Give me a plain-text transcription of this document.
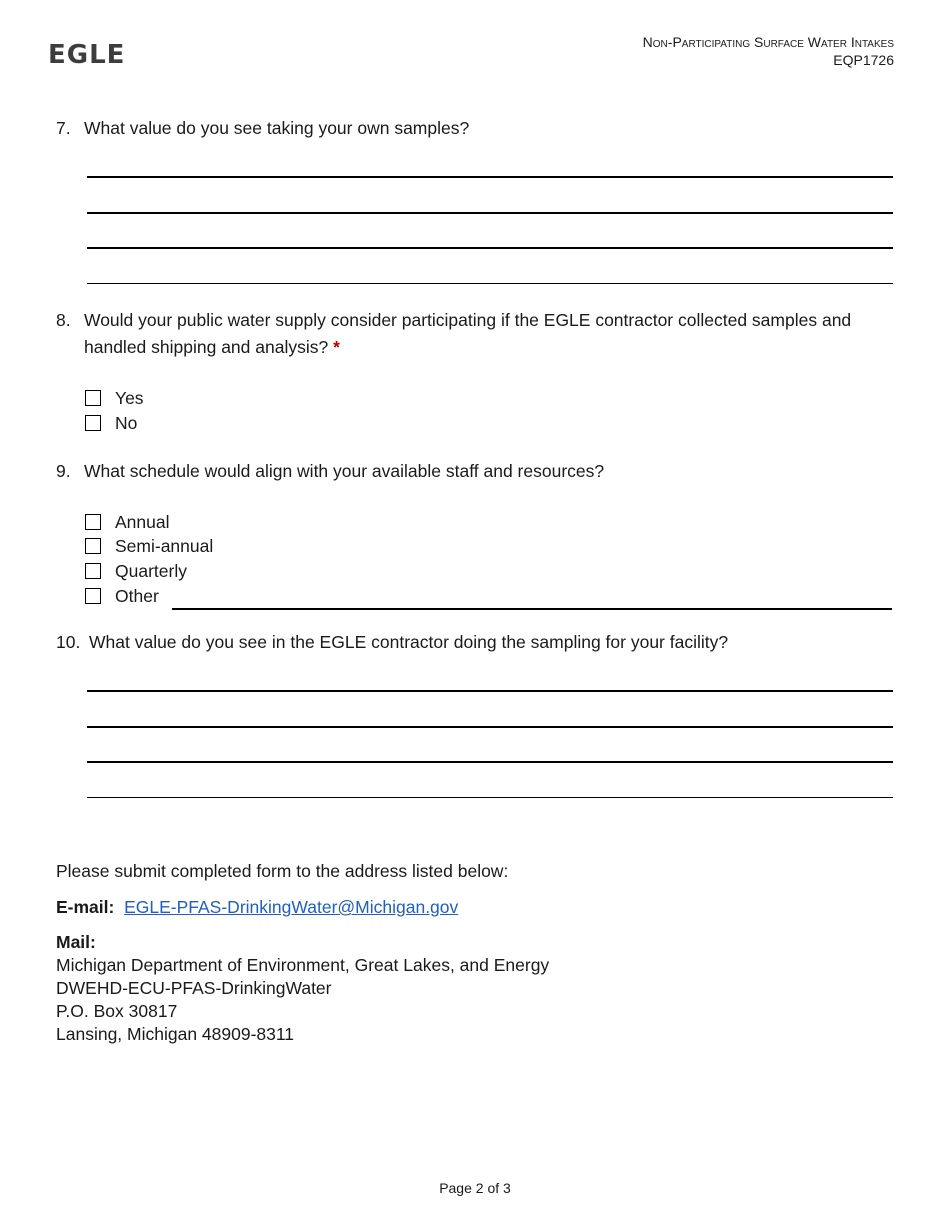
EGLE	Non-Participating Surface Water Intakes
EQP1726
7. What value do you see taking your own samples?
8. Would your public water supply consider participating if the EGLE contractor collected samples and handled shipping and analysis? *
Yes
No
9. What schedule would align with your available staff and resources?
Annual
Semi-annual
Quarterly
Other
10. What value do you see in the EGLE contractor doing the sampling for your facility?
Please submit completed form to the address listed below:
E-mail: EGLE-PFAS-DrinkingWater@Michigan.gov
Mail:
Michigan Department of Environment, Great Lakes, and Energy
DWEHD-ECU-PFAS-DrinkingWater
P.O. Box 30817
Lansing, Michigan 48909-8311
Page 2 of 3
